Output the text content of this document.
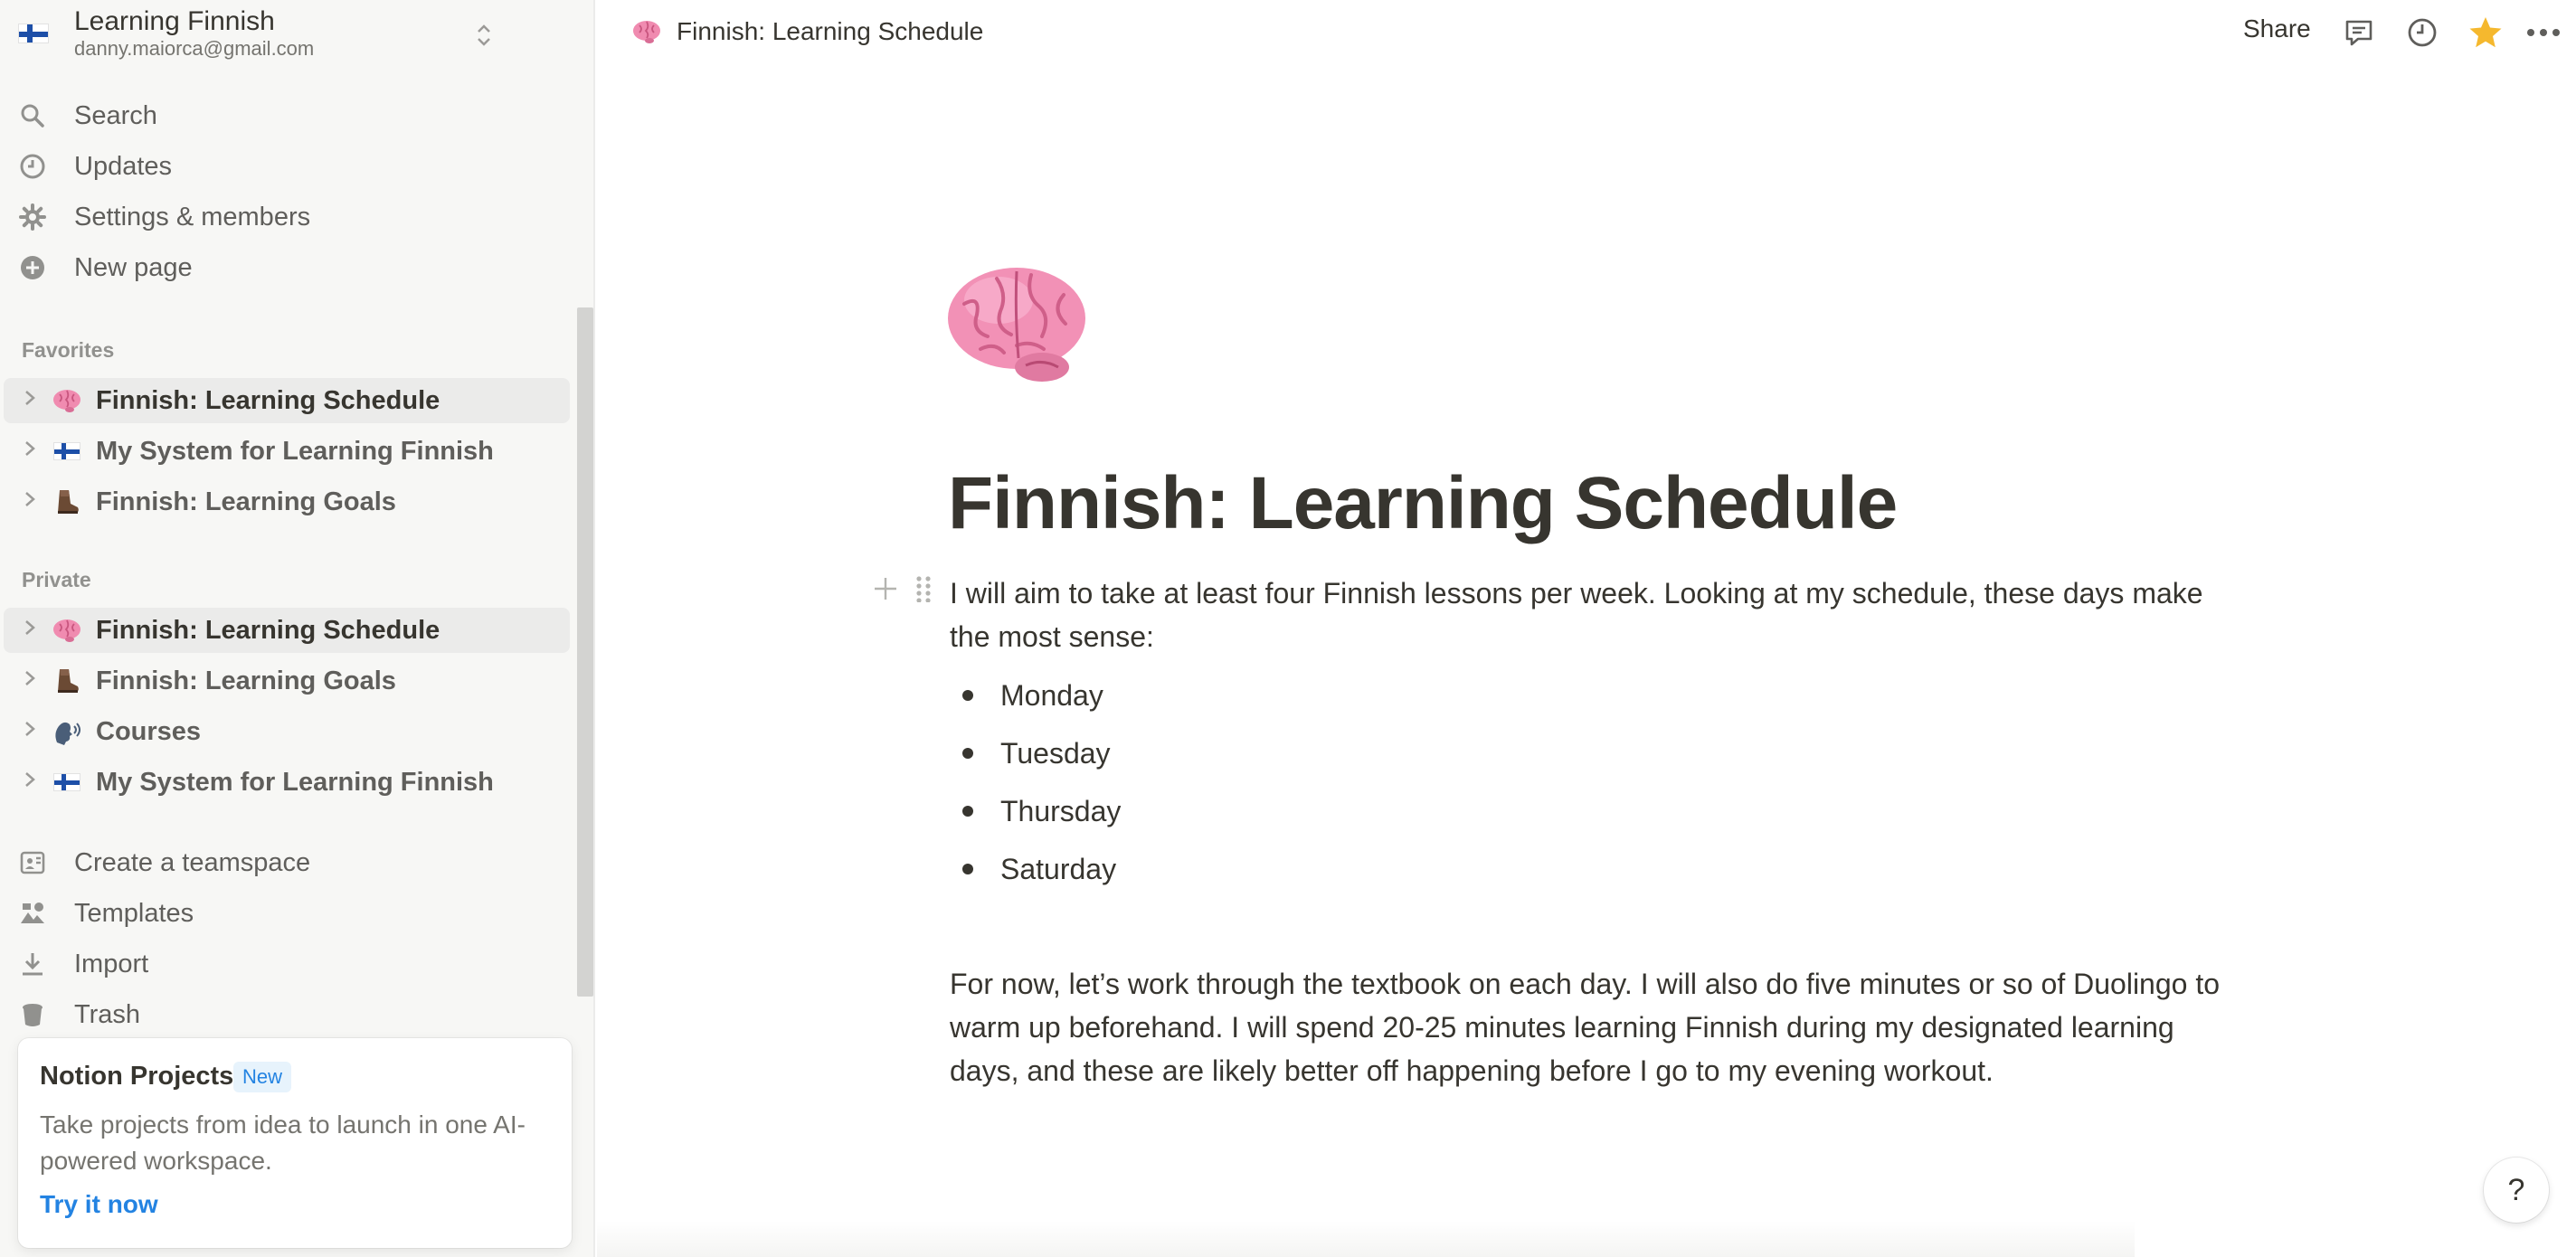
Learning Finnish
danny.maiorca@gmail.com
Search
Updates
Settings & members
New page
Favorites
Finnish: Learning Schedule
My System for Learning Finnish
Finnish: Learning Goals
Private
Finnish: Learning Schedule
Finnish: Learning Goals
Courses
My System for Learning Finnish
Create a teamspace
Templates
Import
Trash
Notion Projects New
Take projects from idea to launch in one AI-powered workspace.
Try it now
Finnish: Learning Schedule	Share
Finnish: Learning Schedule
I will aim to take at least four Finnish lessons per week. Looking at my schedule, these days make the most sense:
Monday
Tuesday
Thursday
Saturday
For now, let’s work through the textbook on each day. I will also do five minutes or so of Duolingo to warm up beforehand. I will spend 20-25 minutes learning Finnish during my designated learning days, and these are likely better off happening before I go to my evening workout.
?
